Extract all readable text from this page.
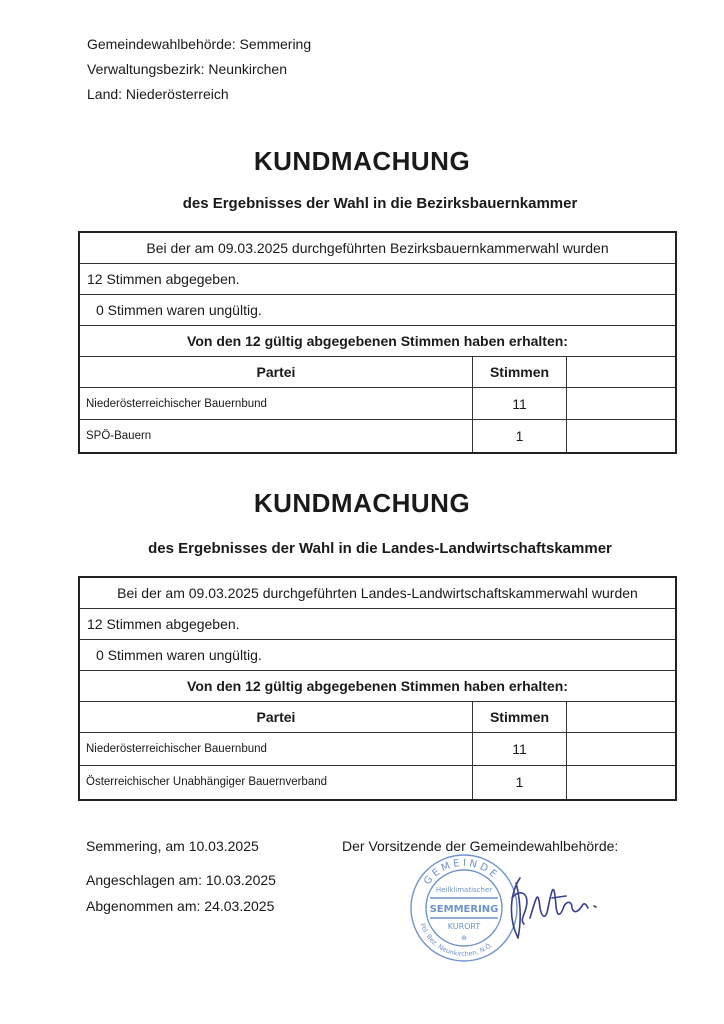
Gemeindewahlbehörde: Semmering
Verwaltungsbezirk: Neunkirchen
Land: Niederösterreich
KUNDMACHUNG
des Ergebnisses der Wahl in die Bezirksbauernkammer
Bei der am 09.03.2025 durchgeführten Bezirksbauernkammerwahl wurden
12 Stimmen abgegeben.
0 Stimmen waren ungültig.
Von den 12 gültig abgegebenen Stimmen haben erhalten:
Partei	Stimmen
Niederösterreichischer Bauernbund	11
SPÖ-Bauern	1
KUNDMACHUNG
des Ergebnisses der Wahl in die Landes-Landwirtschaftskammer
Bei der am 09.03.2025 durchgeführten Landes-Landwirtschaftskammerwahl wurden
12 Stimmen abgegeben.
0 Stimmen waren ungültig.
Von den 12 gültig abgegebenen Stimmen haben erhalten:
Partei	Stimmen
Niederösterreichischer Bauernbund	11
Österreichischer Unabhängiger Bauernverband	1
Semmering, am 10.03.2025
Angeschlagen am: 10.03.2025
Abgenommen am: 24.03.2025
Der Vorsitzende der Gemeindewahlbehörde:
GEMEINDE
Pol. Bez. Neunkirchen, N.Ö.
Heilklimatischer
SEMMERING
KURORT
⊕
